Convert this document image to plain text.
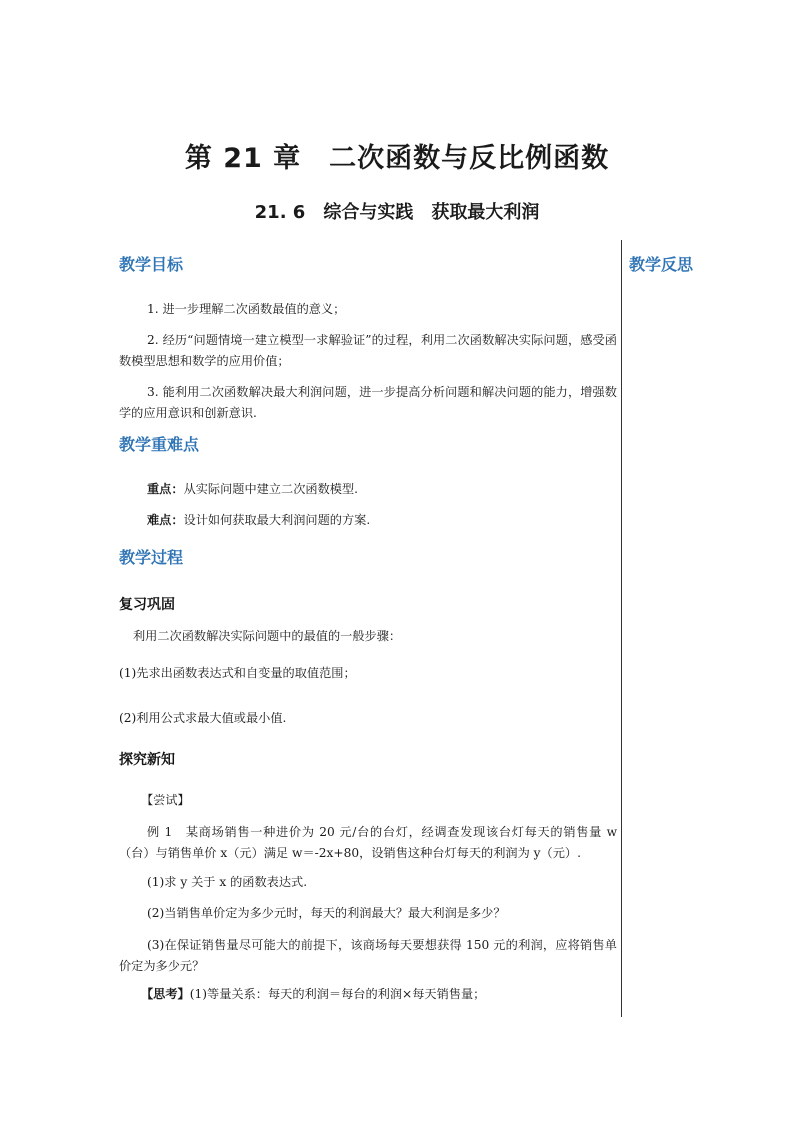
第 21 章　二次函数与反比例函数
21. 6　综合与实践　获取最大利润
教学反思
教学目标

1. 进一步理解二次函数最值的意义；

2. 经历“问题情境一建立模型一求解验证”的过程，利用二次函数解决实际问题，感受函数模型思想和数学的应用价值；

3. 能利用二次函数解决最大利润问题，进一步提高分析问题和解决问题的能力，增强数学的应用意识和创新意识.

教学重难点

重点：从实际问题中建立二次函数模型.

难点：设计如何获取最大利润问题的方案.

教学过程
复习巩固

利用二次函数解决实际问题中的最值的一般步骤：

(1)先求出函数表达式和自变量的取值范围；

(2)利用公式求最大值或最小值.

探究新知

【尝试】

例 1　某商场销售一种进价为 20 元/台的台灯，经调查发现该台灯每天的销售量 w（台）与销售单价 x（元）满足 w＝-2x+80，设销售这种台灯每天的利润为 y（元）.

(1)求 y 关于 x 的函数表达式.

(2)当销售单价定为多少元时，每天的利润最大？最大利润是多少？

(3)在保证销售量尽可能大的前提下，该商场每天要想获得 150 元的利润，应将销售单价定为多少元？

【思考】(1)等量关系：每天的利润＝每台的利润×每天销售量；
